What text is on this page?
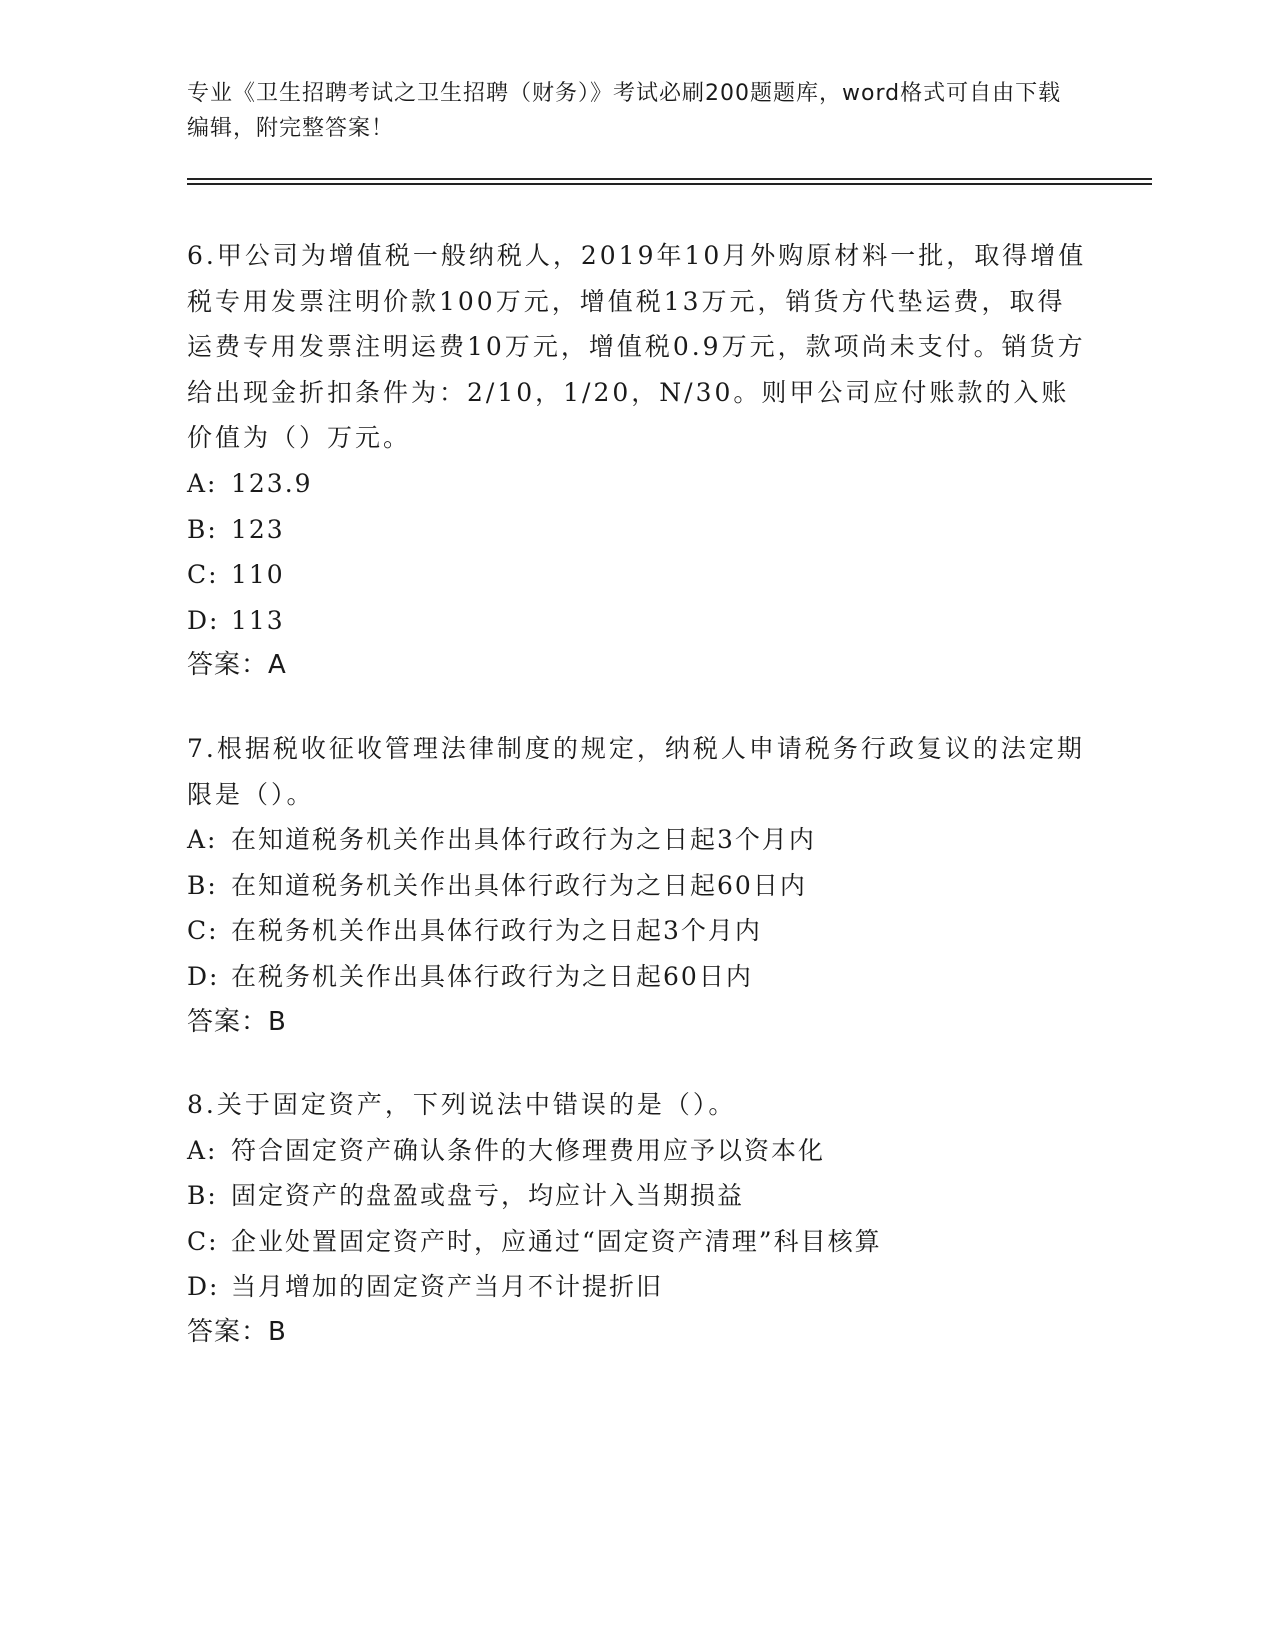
专业《卫生招聘考试之卫生招聘（财务）》考试必刷200题题库，word格式可自由下载编辑，附完整答案！

6.甲公司为增值税一般纳税人，2019年10月外购原材料一批，取得增值税专用发票注明价款100万元，增值税13万元，销货方代垫运费，取得运费专用发票注明运费10万元，增值税0.9万元，款项尚未支付。销货方给出现金折扣条件为：2/10，1/20，N/30。则甲公司应付账款的入账价值为（）万元。

A: 123.9

B: 123

C: 110

D: 113

答案：A

7.根据税收征收管理法律制度的规定，纳税人申请税务行政复议的法定期限是（）。

A: 在知道税务机关作出具体行政行为之日起3个月内

B: 在知道税务机关作出具体行政行为之日起60日内

C: 在税务机关作出具体行政行为之日起3个月内

D: 在税务机关作出具体行政行为之日起60日内

答案：B

8.关于固定资产，下列说法中错误的是（）。

A: 符合固定资产确认条件的大修理费用应予以资本化

B: 固定资产的盘盈或盘亏，均应计入当期损益

C: 企业处置固定资产时，应通过“固定资产清理”科目核算

D: 当月增加的固定资产当月不计提折旧

答案：B
